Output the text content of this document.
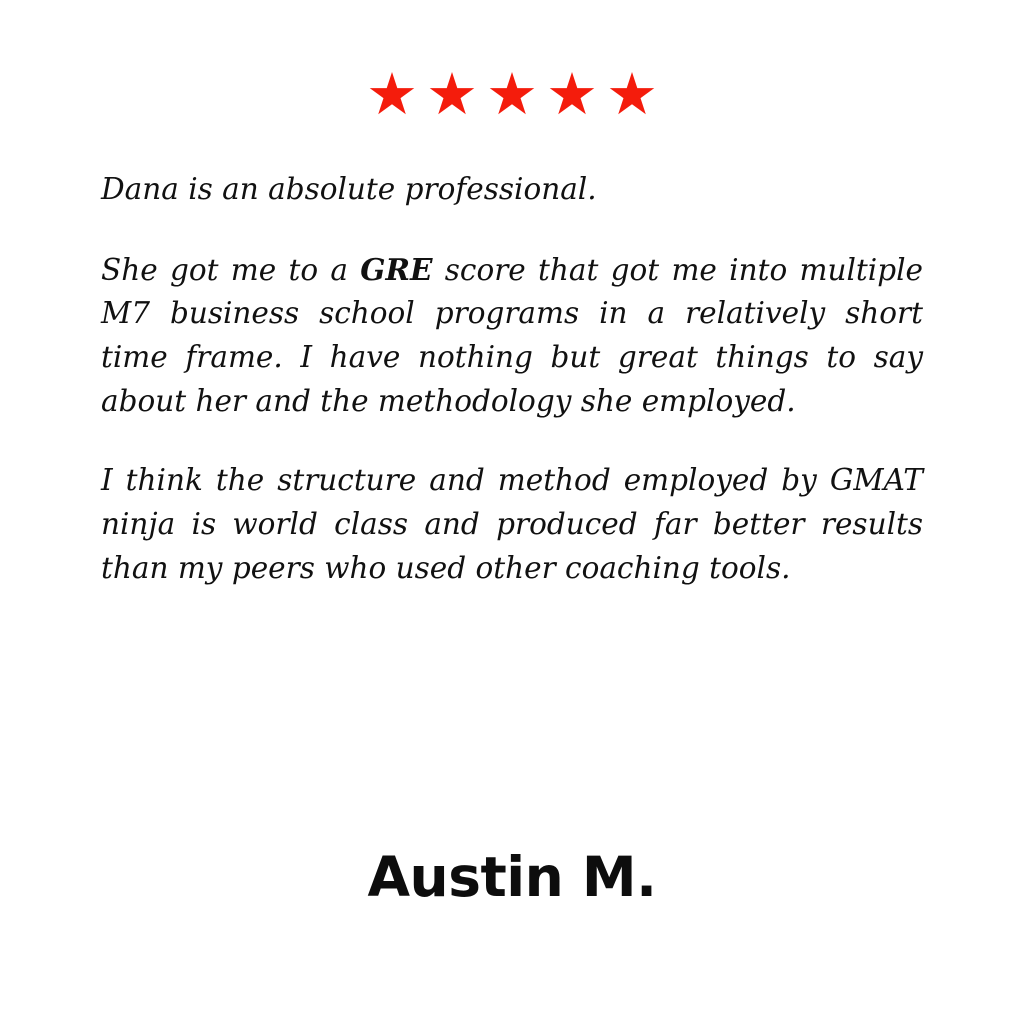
★ ★ ★ ★ ★

Dana is an absolute professional.

She got me to a GRE score that got me into multiple M7 business school programs in a relatively short time frame. I have nothing but great things to say about her and the methodology she employed.

I think the structure and method employed by GMAT ninja is world class and produced far better results than my peers who used other coaching tools.

Austin M.
